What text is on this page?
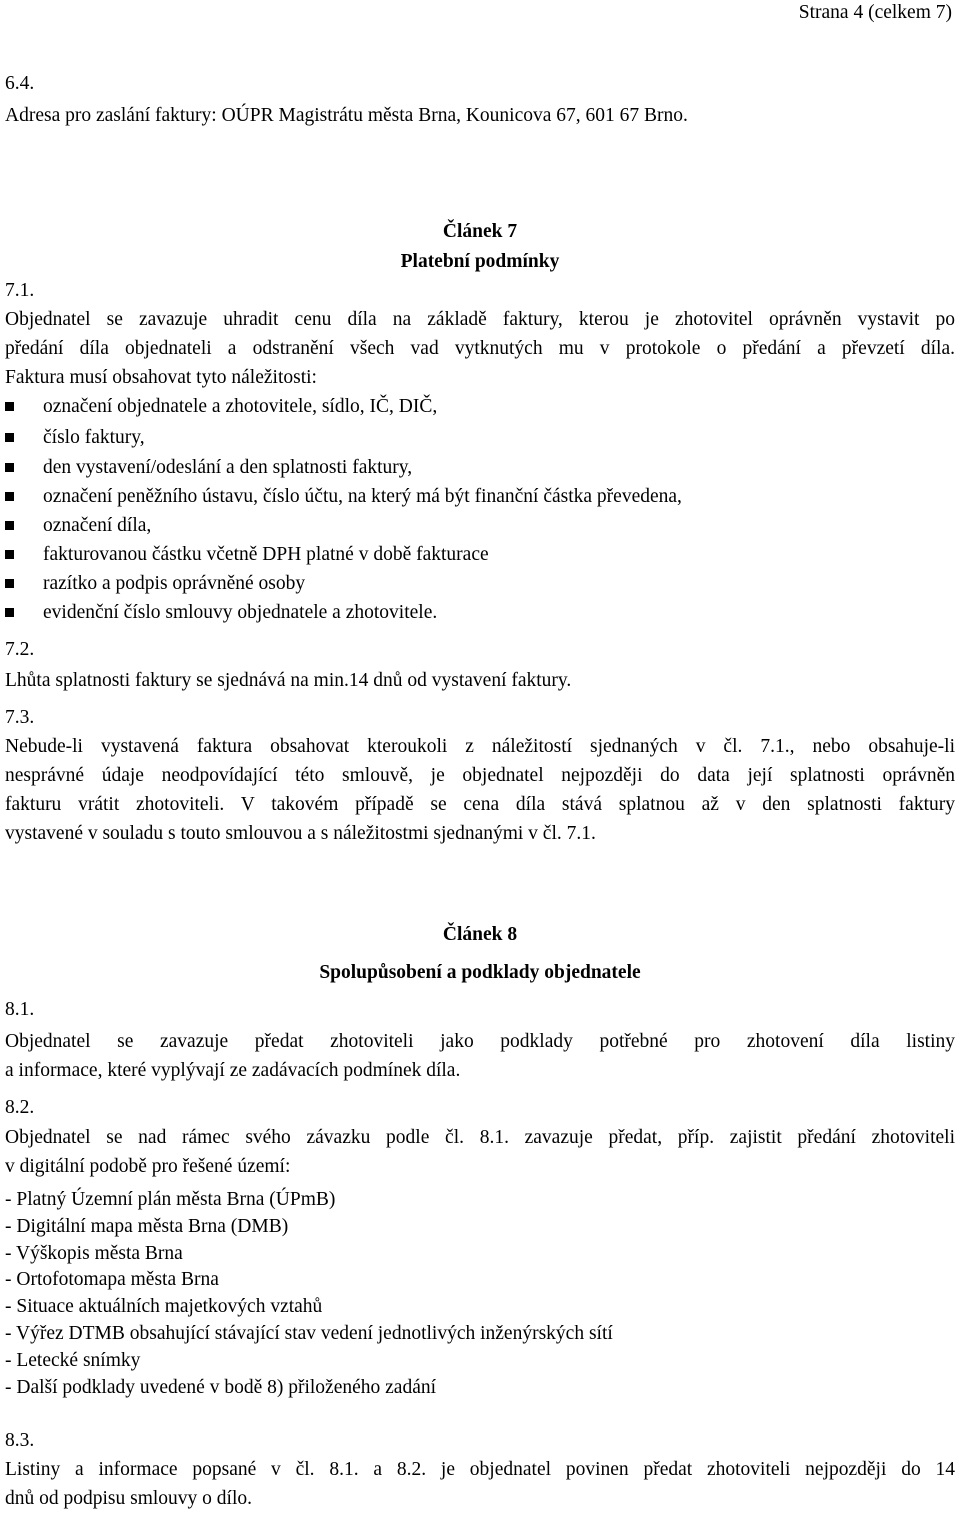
Strana 4 (celkem 7)
6.4.
Adresa pro zaslání faktury: OÚPR Magistrátu města Brna, Kounicova 67, 601 67 Brno.
Článek 7
Platební podmínky
7.1.
Objednatel se zavazuje uhradit cenu díla na základě faktury, kterou je zhotovitel oprávněn vystavit po
předání díla objednateli a odstranění všech vad vytknutých mu v protokole o předání a převzetí díla.
Faktura musí obsahovat tyto náležitosti:
označení objednatele a zhotovitele, sídlo, IČ, DIČ,
číslo faktury,
den vystavení/odeslání a den splatnosti faktury,
označení peněžního ústavu, číslo účtu, na který má být finanční částka převedena,
označení díla,
fakturovanou částku včetně DPH platné v době fakturace
razítko a podpis oprávněné osoby
evidenční číslo smlouvy objednatele a zhotovitele.
7.2.
Lhůta splatnosti faktury se sjednává na min.14 dnů od vystavení faktury.
7.3.
Nebude-li vystavená faktura obsahovat kteroukoli z náležitostí sjednaných v čl. 7.1., nebo obsahuje-li
nesprávné údaje neodpovídající této smlouvě, je objednatel nejpozději do data její splatnosti oprávněn
fakturu vrátit zhotoviteli. V takovém případě se cena díla stává splatnou až v den splatnosti faktury
vystavené v souladu s touto smlouvou a s náležitostmi sjednanými v čl. 7.1.
Článek 8
Spolupůsobení a podklady objednatele
8.1.
Objednatel se zavazuje předat zhotoviteli jako podklady potřebné pro zhotovení díla listiny
a informace, které vyplývají ze zadávacích podmínek díla.
8.2.
Objednatel se nad rámec svého závazku podle čl. 8.1. zavazuje předat, příp. zajistit předání zhotoviteli
v digitální podobě pro řešené území:
- Platný Územní plán města Brna (ÚPmB)
- Digitální mapa města Brna (DMB)
- Výškopis města Brna
- Ortofotomapa města Brna
- Situace aktuálních majetkových vztahů
- Výřez DTMB obsahující stávající stav vedení jednotlivých inženýrských sítí
- Letecké snímky
- Další podklady uvedené v bodě 8) přiloženého zadání
8.3.
Listiny a informace popsané v čl. 8.1. a 8.2. je objednatel povinen předat zhotoviteli nejpozději do 14
dnů od podpisu smlouvy o dílo.
